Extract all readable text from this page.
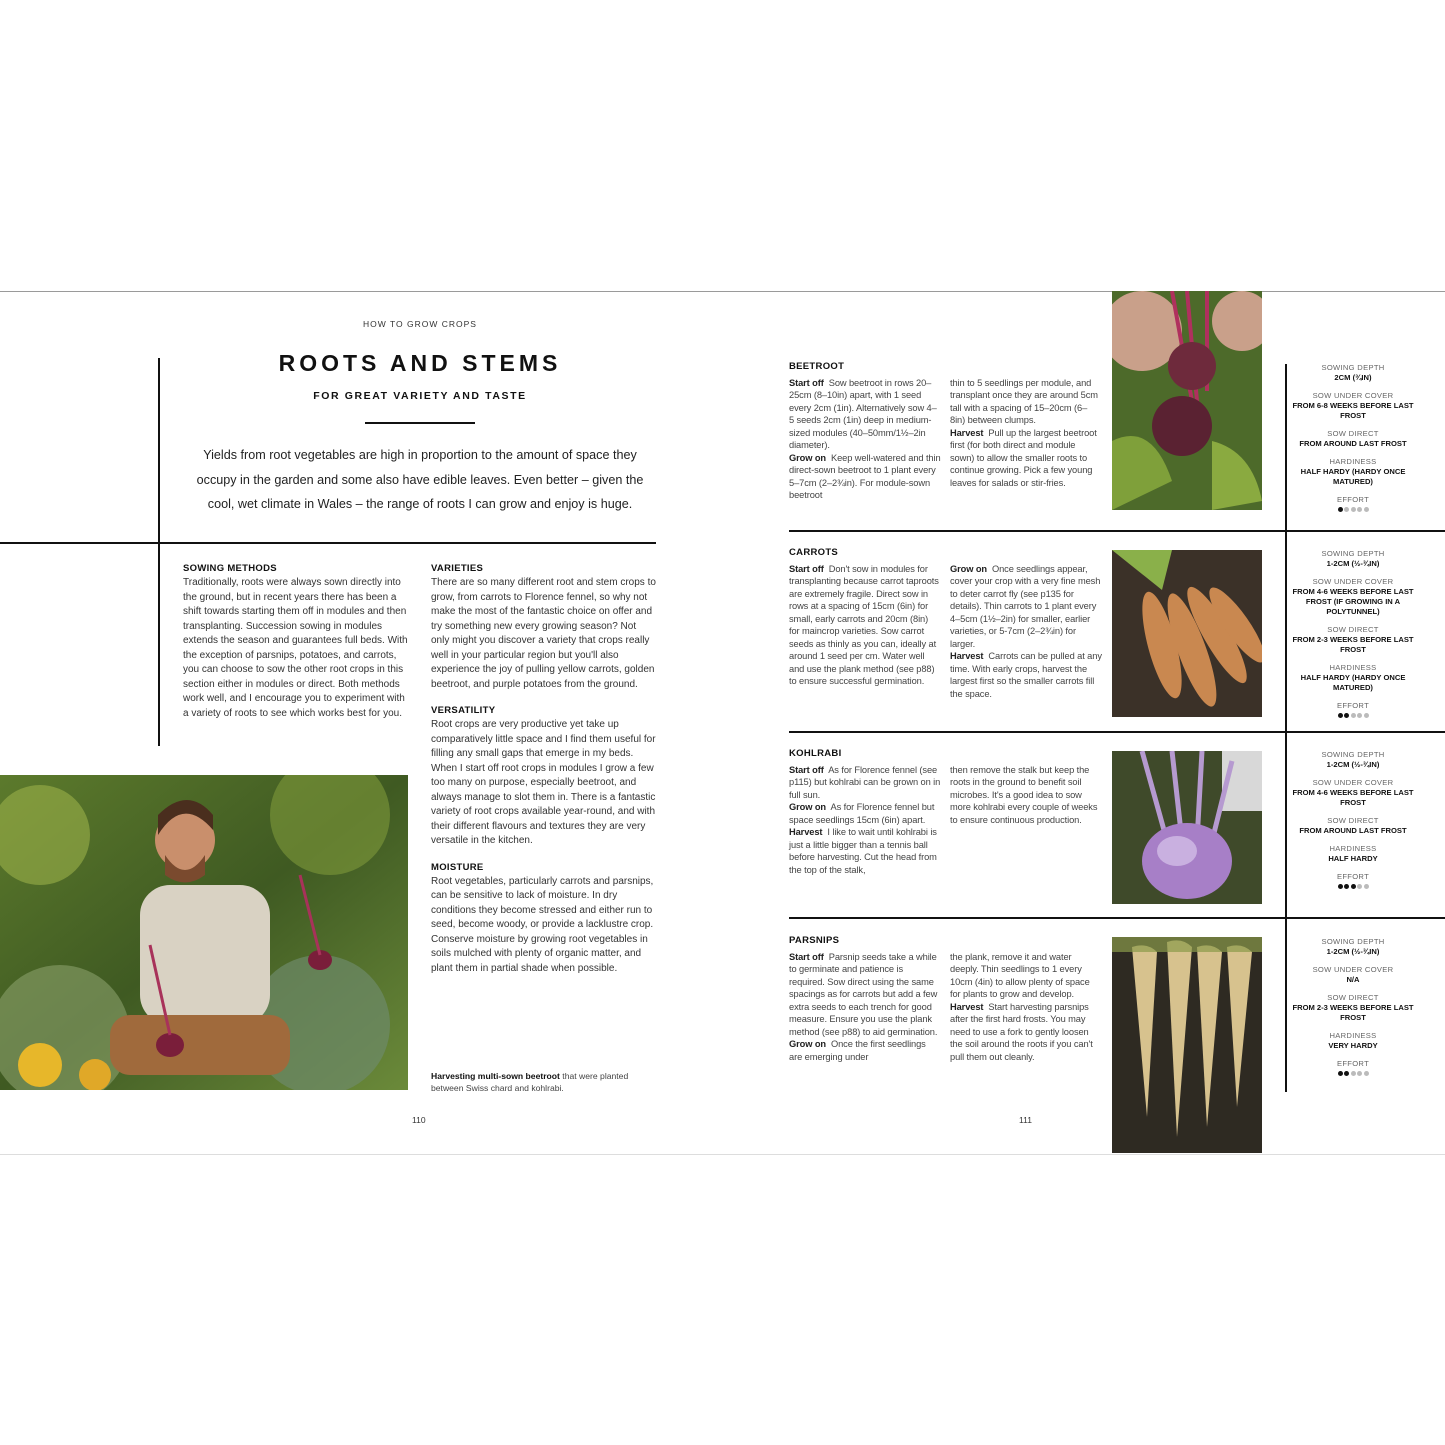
HOW TO GROW CROPS
ROOTS AND STEMS
FOR GREAT VARIETY AND TASTE
Yields from root vegetables are high in proportion to the amount of space they occupy in the garden and some also have edible leaves. Even better – given the cool, wet climate in Wales – the range of roots I can grow and enjoy is huge.
SOWING METHODS

Traditionally, roots were always sown directly into the ground, but in recent years there has been a shift towards starting them off in modules and then transplanting. Succession sowing in modules extends the season and guarantees full beds. With the exception of parsnips, potatoes, and carrots, you can choose to sow the other root crops in this section either in modules or direct. Both methods work well, and I encourage you to experiment with a variety of roots to see which works best for you.

VARIETIES

There are so many different root and stem crops to grow, from carrots to Florence fennel, so why not make the most of the fantastic choice on offer and try something new every growing season? Not only might you discover a variety that crops really well in your particular region but you'll also experience the joy of pulling yellow carrots, golden beetroot, and purple potatoes from the ground.

VERSATILITY

Root crops are very productive yet take up comparatively little space and I find them useful for filling any small gaps that emerge in my beds. When I start off root crops in modules I grow a few too many on purpose, especially beetroot, and always manage to slot them in. There is a fantastic variety of root crops available year-round, and with their different flavours and textures they are very versatile in the kitchen.

MOISTURE

Root vegetables, particularly carrots and parsnips, can be sensitive to lack of moisture. In dry conditions they become stressed and either run to seed, become woody, or provide a lacklustre crop. Conserve moisture by growing root vegetables in soils mulched with plenty of organic matter, and plant them in partial shade when possible.

Harvesting multi-sown beetroot that were planted between Swiss chard and kohlrabi.
110
BEETROOT
Start off Sow beetroot in rows 20–25cm (8–10in) apart, with 1 seed every 2cm (1in). Alternatively sow 4–5 seeds 2cm (1in) deep in medium-sized modules (40–50mm/1½–2in diameter).
Grow on Keep well-watered and thin direct-sown beetroot to 1 plant every 5–7cm (2–2¾in). For module-sown beetroot
thin to 5 seedlings per module, and transplant once they are around 5cm tall with a spacing of 15–20cm (6–8in) between clumps.
Harvest Pull up the largest beetroot first (for both direct and module sown) to allow the smaller roots to continue growing. Pick a few young leaves for salads or stir-fries.
SOWING DEPTH
2CM (¾IN)
SOW UNDER COVER
FROM 6-8 WEEKS BEFORE LAST FROST
SOW DIRECT
FROM AROUND LAST FROST
HARDINESS
HALF HARDY (HARDY ONCE MATURED)
EFFORT
CARROTS
Start off Don't sow in modules for transplanting because carrot taproots are extremely fragile. Direct sow in rows at a spacing of 15cm (6in) for small, early carrots and 20cm (8in) for maincrop varieties. Sow carrot seeds as thinly as you can, ideally at around 1 seed per cm. Water well and use the plank method (see p88) to ensure successful germination.
Grow on Once seedlings appear, cover your crop with a very fine mesh to deter carrot fly (see p135 for details). Thin carrots to 1 plant every 4–5cm (1½–2in) for smaller, earlier varieties, or 5-7cm (2–2¾in) for larger.
Harvest Carrots can be pulled at any time. With early crops, harvest the largest first so the smaller carrots fill the space.
SOWING DEPTH
1-2CM (½-¾IN)
SOW UNDER COVER
FROM 4-6 WEEKS BEFORE LAST FROST (IF GROWING IN A POLYTUNNEL)
SOW DIRECT
FROM 2-3 WEEKS BEFORE LAST FROST
HARDINESS
HALF HARDY (HARDY ONCE MATURED)
EFFORT
KOHLRABI
Start off As for Florence fennel (see p115) but kohlrabi can be grown on in full sun.
Grow on As for Florence fennel but space seedlings 15cm (6in) apart.
Harvest I like to wait until kohlrabi is just a little bigger than a tennis ball before harvesting. Cut the head from the top of the stalk,
then remove the stalk but keep the roots in the ground to benefit soil microbes. It's a good idea to sow more kohlrabi every couple of weeks to ensure continuous production.
SOWING DEPTH
1-2CM (½-¾IN)
SOW UNDER COVER
FROM 4-6 WEEKS BEFORE LAST FROST
SOW DIRECT
FROM AROUND LAST FROST
HARDINESS
HALF HARDY
EFFORT
PARSNIPS
Start off Parsnip seeds take a while to germinate and patience is required. Sow direct using the same spacings as for carrots but add a few extra seeds to each trench for good measure. Ensure you use the plank method (see p88) to aid germination.
Grow on Once the first seedlings are emerging under
the plank, remove it and water deeply. Thin seedlings to 1 every 10cm (4in) to allow plenty of space for plants to grow and develop.
Harvest Start harvesting parsnips after the first hard frosts. You may need to use a fork to gently loosen the soil around the roots if you can't pull them out cleanly.
SOWING DEPTH
1-2CM (½-¾IN)
SOW UNDER COVER
N/A
SOW DIRECT
FROM 2-3 WEEKS BEFORE LAST FROST
HARDINESS
VERY HARDY
EFFORT
111
